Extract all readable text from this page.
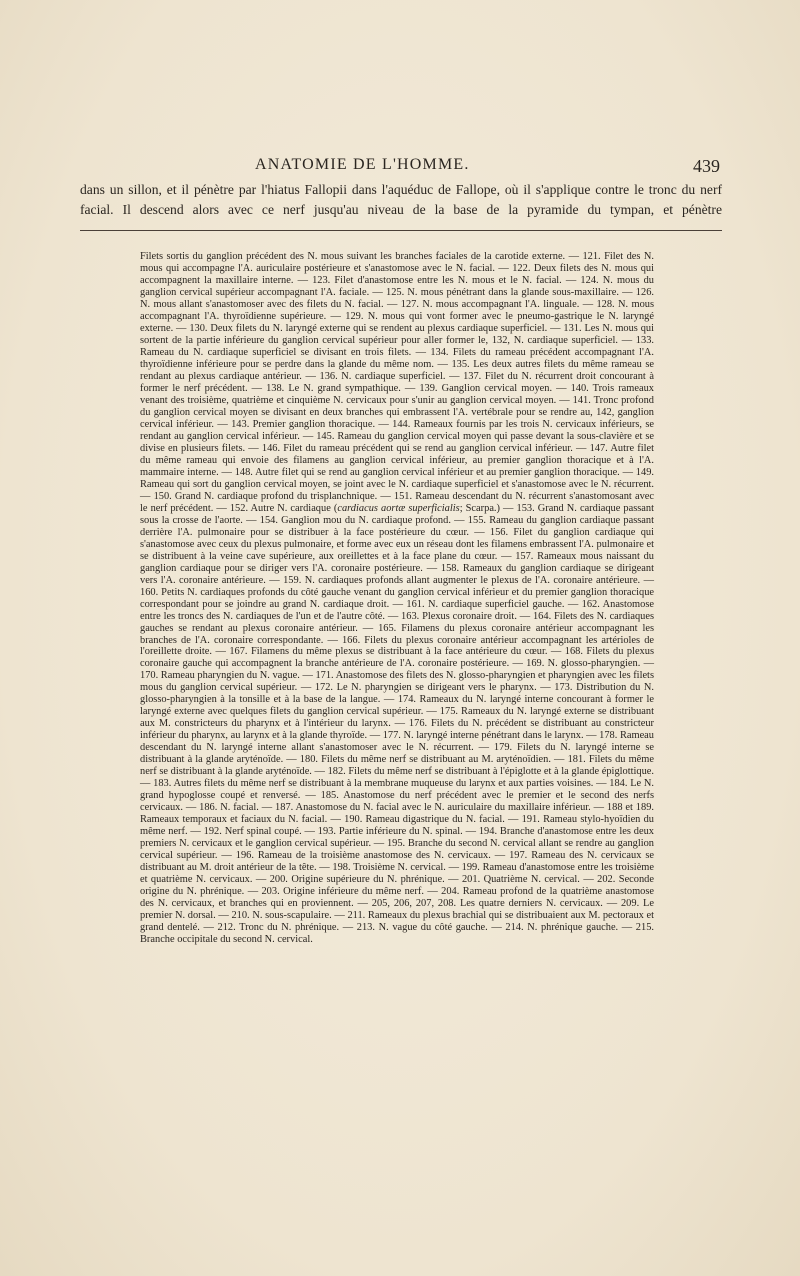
ANATOMIE DE L'HOMME.	439
dans un sillon, et il pénètre par l'hiatus Fallopii dans l'aquéduc de Fallope, où il s'applique contre le tronc du nerf facial. Il descend alors avec ce nerf jusqu'au niveau de la base de la pyramide du tympan, et pénètre
Filets sortis du ganglion précédent des N. mous suivant les branches faciales de la carotide externe. — 121. Filet des N. mous qui accompagne l'A. auriculaire postérieure et s'anastomose avec le N. facial. — 122. Deux filets des N. mous qui accompagnent la maxillaire interne. — 123. Filet d'anastomose entre les N. mous et le N. facial. — 124. N. mous du ganglion cervical supérieur accompagnant l'A. faciale. — 125. N. mous pénétrant dans la glande sous-maxillaire. — 126. N. mous allant s'anastomoser avec des filets du N. facial. — 127. N. mous accompagnant l'A. linguale. — 128. N. mous accompagnant l'A. thyroïdienne supérieure. — 129. N. mous qui vont former avec le pneumo-gastrique le N. laryngé externe. — 130. Deux filets du N. laryngé externe qui se rendent au plexus cardiaque superficiel. — 131. Les N. mous qui sortent de la partie inférieure du ganglion cervical supérieur pour aller former le, 132, N. cardiaque superficiel. — 133. Rameau du N. cardiaque superficiel se divisant en trois filets. — 134. Filets du rameau précédent accompagnant l'A. thyroïdienne inférieure pour se perdre dans la glande du même nom. — 135. Les deux autres filets du même rameau se rendant au plexus cardiaque antérieur. — 136. N. cardiaque superficiel. — 137. Filet du N. récurrent droit concourant à former le nerf précédent. — 138. Le N. grand sympathique. — 139. Ganglion cervical moyen. — 140. Trois rameaux venant des troisième, quatrième et cinquième N. cervicaux pour s'unir au ganglion cervical moyen. — 141. Tronc profond du ganglion cervical moyen se divisant en deux branches qui embrassent l'A. vertébrale pour se rendre au, 142, ganglion cervical inférieur. — 143. Premier ganglion thoracique. — 144. Rameaux fournis par les trois N. cervicaux inférieurs, se rendant au ganglion cervical inférieur. — 145. Rameau du ganglion cervical moyen qui passe devant la sous-clavière et se divise en plusieurs filets. — 146. Filet du rameau précédent qui se rend au ganglion cervical inférieur. — 147. Autre filet du même rameau qui envoie des filamens au ganglion cervical inférieur, au premier ganglion thoracique et à l'A. mammaire interne. — 148. Autre filet qui se rend au ganglion cervical inférieur et au premier ganglion thoracique. — 149. Rameau qui sort du ganglion cervical moyen, se joint avec le N. cardiaque superficiel et s'anastomose avec le N. récurrent. — 150. Grand N. cardiaque profond du trisplanchnique. — 151. Rameau descendant du N. récurrent s'anastomosant avec le nerf précédent. — 152. Autre N. cardiaque (cardiacus aortæ superficialis; Scarpa.) — 153. Grand N. cardiaque passant sous la crosse de l'aorte. — 154. Ganglion mou du N. cardiaque profond. — 155. Rameau du ganglion cardiaque passant derrière l'A. pulmonaire pour se distribuer à la face postérieure du cœur. — 156. Filet du ganglion cardiaque qui s'anastomose avec ceux du plexus pulmonaire, et forme avec eux un réseau dont les filamens embrassent l'A. pulmonaire et se distribuent à la veine cave supérieure, aux oreillettes et à la face plane du cœur. — 157. Rameaux mous naissant du ganglion cardiaque pour se diriger vers l'A. coronaire postérieure. — 158. Rameaux du ganglion cardiaque se dirigeant vers l'A. coronaire antérieure. — 159. N. cardiaques profonds allant augmenter le plexus de l'A. coronaire antérieure. — 160. Petits N. cardiaques profonds du côté gauche venant du ganglion cervical inférieur et du premier ganglion thoracique correspondant pour se joindre au grand N. cardiaque droit. — 161. N. cardiaque superficiel gauche. — 162. Anastomose entre les troncs des N. cardiaques de l'un et de l'autre côté. — 163. Plexus coronaire droit. — 164. Filets des N. cardiaques gauches se rendant au plexus coronaire antérieur. — 165. Filamens du plexus coronaire antérieur accompagnant les branches de l'A. coronaire correspondante. — 166. Filets du plexus coronaire antérieur accompagnant les artérioles de l'oreillette droite. — 167. Filamens du même plexus se distribuant à la face antérieure du cœur. — 168. Filets du plexus coronaire gauche qui accompagnent la branche antérieure de l'A. coronaire postérieure. — 169. N. glosso-pharyngien. — 170. Rameau pharyngien du N. vague. — 171. Anastomose des filets des N. glosso-pharyngien et pharyngien avec les filets mous du ganglion cervical supérieur. — 172. Le N. pharyngien se dirigeant vers le pharynx. — 173. Distribution du N. glosso-pharyngien à la tonsille et à la base de la langue. — 174. Rameaux du N. laryngé interne concourant à former le laryngé externe avec quelques filets du ganglion cervical supérieur. — 175. Rameaux du N. laryngé externe se distribuant aux M. constricteurs du pharynx et à l'intérieur du larynx. — 176. Filets du N. précédent se distribuant au constricteur inférieur du pharynx, au larynx et à la glande thyroïde. — 177. N. laryngé interne pénétrant dans le larynx. — 178. Rameau descendant du N. laryngé interne allant s'anastomoser avec le N. récurrent. — 179. Filets du N. laryngé interne se distribuant à la glande aryténoïde. — 180. Filets du même nerf se distribuant au M. aryténoïdien. — 181. Filets du même nerf se distribuant à la glande aryténoïde. — 182. Filets du même nerf se distribuant à l'épiglotte et à la glande épiglottique. — 183. Autres filets du même nerf se distribuant à la membrane muqueuse du larynx et aux parties voisines. — 184. Le N. grand hypoglosse coupé et renversé. — 185. Anastomose du nerf précédent avec le premier et le second des nerfs cervicaux. — 186. N. facial. — 187. Anastomose du N. facial avec le N. auriculaire du maxillaire inférieur. — 188 et 189. Rameaux temporaux et faciaux du N. facial. — 190. Rameau digastrique du N. facial. — 191. Rameau stylo-hyoïdien du même nerf. — 192. Nerf spinal coupé. — 193. Partie inférieure du N. spinal. — 194. Branche d'anastomose entre les deux premiers N. cervicaux et le ganglion cervical supérieur. — 195. Branche du second N. cervical allant se rendre au ganglion cervical supérieur. — 196. Rameau de la troisième anastomose des N. cervicaux. — 197. Rameau des N. cervicaux se distribuant au M. droit antérieur de la tête. — 198. Troisième N. cervical. — 199. Rameau d'anastomose entre les troisième et quatrième N. cervicaux. — 200. Origine supérieure du N. phrénique. — 201. Quatrième N. cervical. — 202. Seconde origine du N. phrénique. — 203. Origine inférieure du même nerf. — 204. Rameau profond de la quatrième anastomose des N. cervicaux, et branches qui en proviennent. — 205, 206, 207, 208. Les quatre derniers N. cervicaux. — 209. Le premier N. dorsal. — 210. N. sous-scapulaire. — 211. Rameaux du plexus brachial qui se distribuaient aux M. pectoraux et grand dentelé. — 212. Tronc du N. phrénique. — 213. N. vague du côté gauche. — 214. N. phrénique gauche. — 215. Branche occipitale du second N. cervical.
